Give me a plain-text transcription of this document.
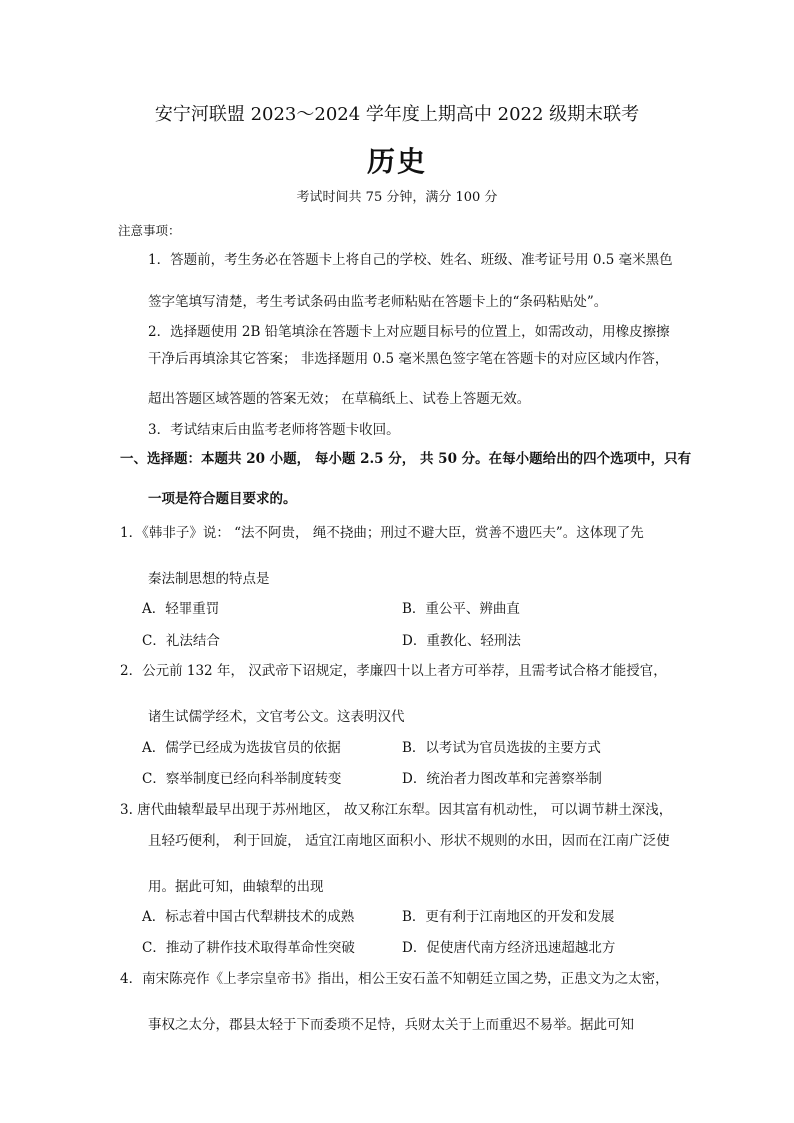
安宁河联盟 2023～2024 学年度上期高中 2022 级期末联考
历史
考试时间共 75 分钟，满分 100 分
注意事项：
1．答题前，考生务必在答题卡上将自己的学校、姓名、班级、准考证号用 0.5 毫米黑色
签字笔填写清楚，考生考试条码由监考老师粘贴在答题卡上的“条码粘贴处”。
2．选择题使用 2B 铅笔填涂在答题卡上对应题目标号的位置上，如需改动，用橡皮擦擦
干净后再填涂其它答案； 非选择题用 0.5 毫米黑色签字笔在答题卡的对应区域内作答，
超出答题区域答题的答案无效； 在草稿纸上、试卷上答题无效。
3．考试结束后由监考老师将答题卡收回。
一、选择题：本题共 20 小题， 每小题 2.5 分， 共 50 分。在每小题给出的四个选项中，只有
一项是符合题目要求的。
1．《韩非子》说： “法不阿贵， 绳不挠曲；刑过不避大臣，赏善不遗匹夫”。这体现了先
秦法制思想的特点是
A．轻罪重罚	B．重公平、辨曲直
C．礼法结合	D．重教化、轻刑法
2．公元前 132 年， 汉武帝下诏规定，孝廉四十以上者方可举荐，且需考试合格才能授官，
诸生试儒学经术，文官考公文。这表明汉代
A．儒学已经成为选拔官员的依据	B．以考试为官员选拔的主要方式
C．察举制度已经向科举制度转变	D．统治者力图改革和完善察举制
3. 唐代曲辕犁最早出现于苏州地区， 故又称江东犁。因其富有机动性， 可以调节耕土深浅，
且轻巧便利， 利于回旋， 适宜江南地区面积小、形状不规则的水田，因而在江南广泛使
用。据此可知，曲辕犁的出现
A．标志着中国古代犁耕技术的成熟	B．更有利于江南地区的开发和发展
C．推动了耕作技术取得革命性突破	D．促使唐代南方经济迅速超越北方
4．南宋陈亮作《上孝宗皇帝书》指出，相公王安石盖不知朝廷立国之势，正患文为之太密，
事权之太分，郡县太轻于下而委琐不足恃，兵财太关于上而重迟不易举。据此可知
